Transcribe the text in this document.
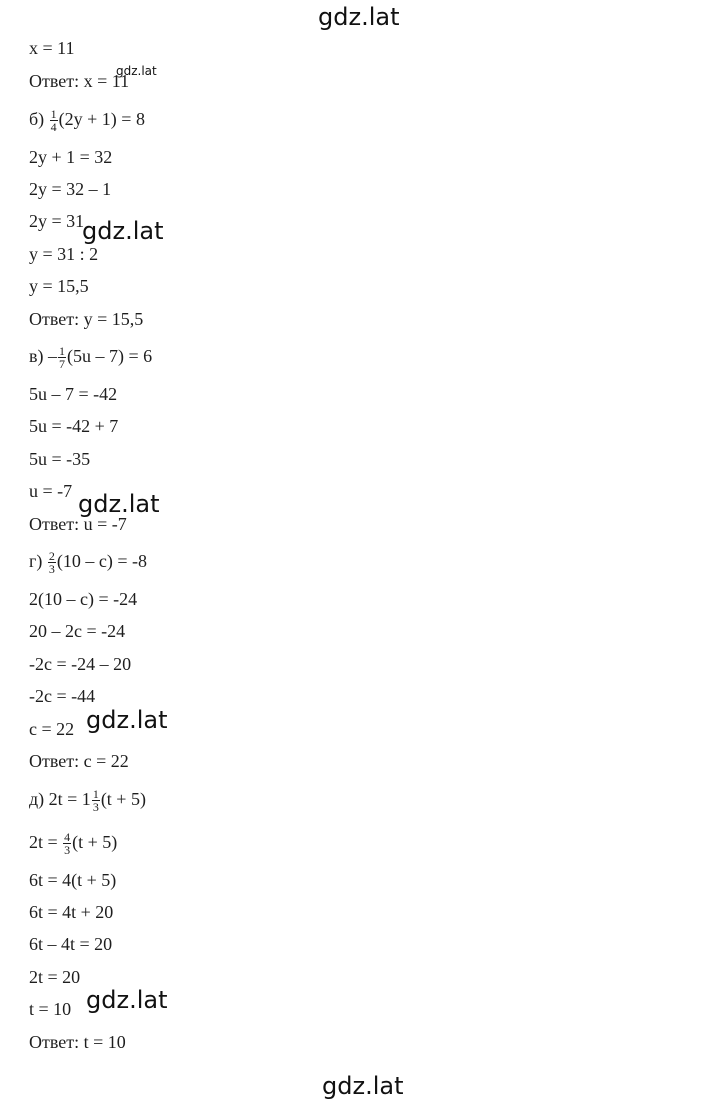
gdz.lat
gdz.lat
gdz.lat
gdz.lat
gdz.lat
gdz.lat
gdz.lat
x = 11
Ответ: x = 11
$б) \frac{1}{4} (2y + 1) = 8$
2y + 1 = 32
2y = 32 – 1
2y = 31
y = 31 : 2
y = 15,5
Ответ: y = 15,5
$в) - \frac{1}{7} (5u - 7) = 6$
5u – 7 = -42
5u = -42 + 7
5u = -35
u = -7
Ответ: u = -7
$г) \frac{2}{3} (10 - c) = -8$
2(10 – c) = -24
20 – 2c = -24
-2c = -24 – 20
-2c = -44
c = 22
Ответ: c = 22
д) $2t = 1 \frac{1}{3} (t + 5)$
$2t = \frac{4}{3} (t + 5)$
6t = 4(t + 5)
6t = 4t + 20
6t – 4t = 20
2t = 20
t = 10
Ответ: t = 10
